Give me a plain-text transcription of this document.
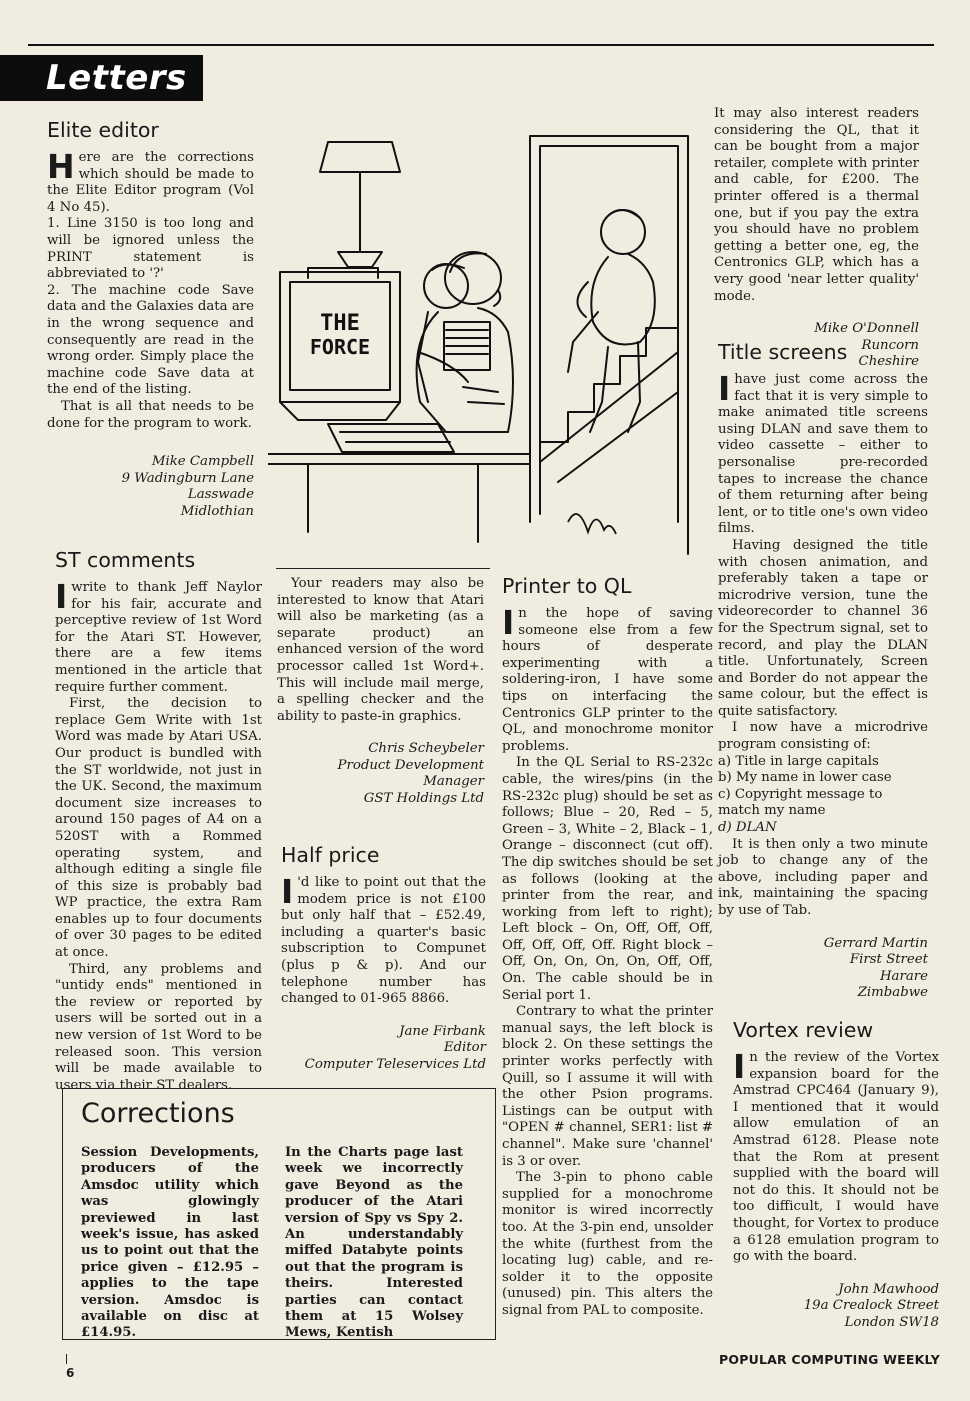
Letters
Elite editor

Here are the corrections which should be made to the Elite Editor program (Vol 4 No 45).

1. Line 3150 is too long and will be ignored unless the PRINT statement is abbreviated to '?'

2. The machine code Save data and the Galaxies data are in the wrong sequence and consequently are read in the wrong order. Simply place the machine code Save data at the end of the listing.

That is all that needs to be done for the program to work.

Mike Campbell
9 Wadingburn Lane
Lasswade
Midlothian
ST comments

Iwrite to thank Jeff Naylor for his fair, accurate and perceptive review of 1st Word for the Atari ST. However, there are a few items mentioned in the article that require further comment.

First, the decision to replace Gem Write with 1st Word was made by Atari USA. Our product is bundled with the ST worldwide, not just in the UK. Second, the maximum document size increases to around 150 pages of A4 on a 520ST with a Rommed operating system, and although editing a single file of this size is probably bad WP practice, the extra Ram enables up to four documents of over 30 pages to be edited at once.

Third, any problems and "untidy ends" mentioned in the review or reported by users will be sorted out in a new version of 1st Word to be released soon. This version will be made available to users via their ST dealers.

Your readers may also be interested to know that Atari will also be marketing (as a separate product) an enhanced version of the word processor called 1st Word+. This will include mail merge, a spelling checker and the ability to paste-in graphics.

Chris Scheybeler
Product Development
Manager
GST Holdings Ltd
Half price

I 'd like to point out that the modem price is not £100 but only half that – £52.49, including a quarter's basic subscription to Compunet (plus p & p). And our telephone number has changed to 01-965 8866.

Jane Firbank
Editor
Computer Teleservices Ltd
Printer to QL

In the hope of saving someone else from a few hours of desperate experimenting with a soldering-iron, I have some tips on interfacing the Centronics GLP printer to the QL, and monochrome monitor problems.

In the QL Serial to RS-232c cable, the wires/pins (in the RS-232c plug) should be set as follows; Blue – 20, Red – 5, Green – 3, White – 2, Black – 1, Orange – disconnect (cut off). The dip switches should be set as follows (looking at the printer from the rear, and working from left to right); Left block – On, Off, Off, Off, Off, Off, Off, Off. Right block – Off, On, On, On, On, Off, Off, On. The cable should be in Serial port 1.

Contrary to what the printer manual says, the left block is block 2. On these settings the printer works perfectly with Quill, so I assume it will with the other Psion programs. Listings can be output with "OPEN # channel, SER1: list # channel". Make sure 'channel' is 3 or over.

The 3-pin to phono cable supplied for a monochrome monitor is wired incorrectly too. At the 3-pin end, unsolder the white (furthest from the locating lug) cable, and re-solder it to the opposite (unused) pin. This alters the signal from PAL to composite.

It may also interest readers considering the QL, that it can be bought from a major retailer, complete with printer and cable, for £200. The printer offered is a thermal one, but if you pay the extra you should have no problem getting a better one, eg, the Centronics GLP, which has a very good 'near letter quality' mode.

Mike O'Donnell
Runcorn
Cheshire
Title screens

Ihave just come across the fact that it is very simple to make animated title screens using DLAN and save them to video cassette – either to personalise pre-recorded tapes to increase the chance of them returning after being lent, or to title one's own video films.

Having designed the title with chosen animation, and preferably taken a tape or microdrive version, tune the videorecorder to channel 36 for the Spectrum signal, set to record, and play the DLAN title. Unfortunately, Screen and Border do not appear the same colour, but the effect is quite satisfactory.

I now have a microdrive program consisting of:

a) Title in large capitals
b) My name in lower case
c) Copyright message to match my name
d) DLAN

It is then only a two minute job to change any of the above, including paper and ink, maintaining the spacing by use of Tab.

Gerrard Martin
First Street
Harare
Zimbabwe
Vortex review

In the review of the Vortex expansion board for the Amstrad CPC464 (January 9), I mentioned that it would allow emulation of an Amstrad 6128. Please note that the Rom at present supplied with the board will not do this. It should not be too difficult, I would have thought, for Vortex to produce a 6128 emulation program to go with the board.

John Mawhood
19a Crealock Street
London SW18
THE
FORCE
Corrections
Session Developments, producers of the Amsdoc utility which was glowingly previewed in last week's issue, has asked us to point out that the price given – £12.95 – applies to the tape version. Amsdoc is available on disc at £14.95.
In the Charts page last week we incorrectly gave Beyond as the producer of the Atari version of Spy vs Spy 2. An understandably miffed Databyte points out that the program is theirs. Interested parties can contact them at 15 Wolsey Mews, Kentish
6
POPULAR COMPUTING WEEKLY
